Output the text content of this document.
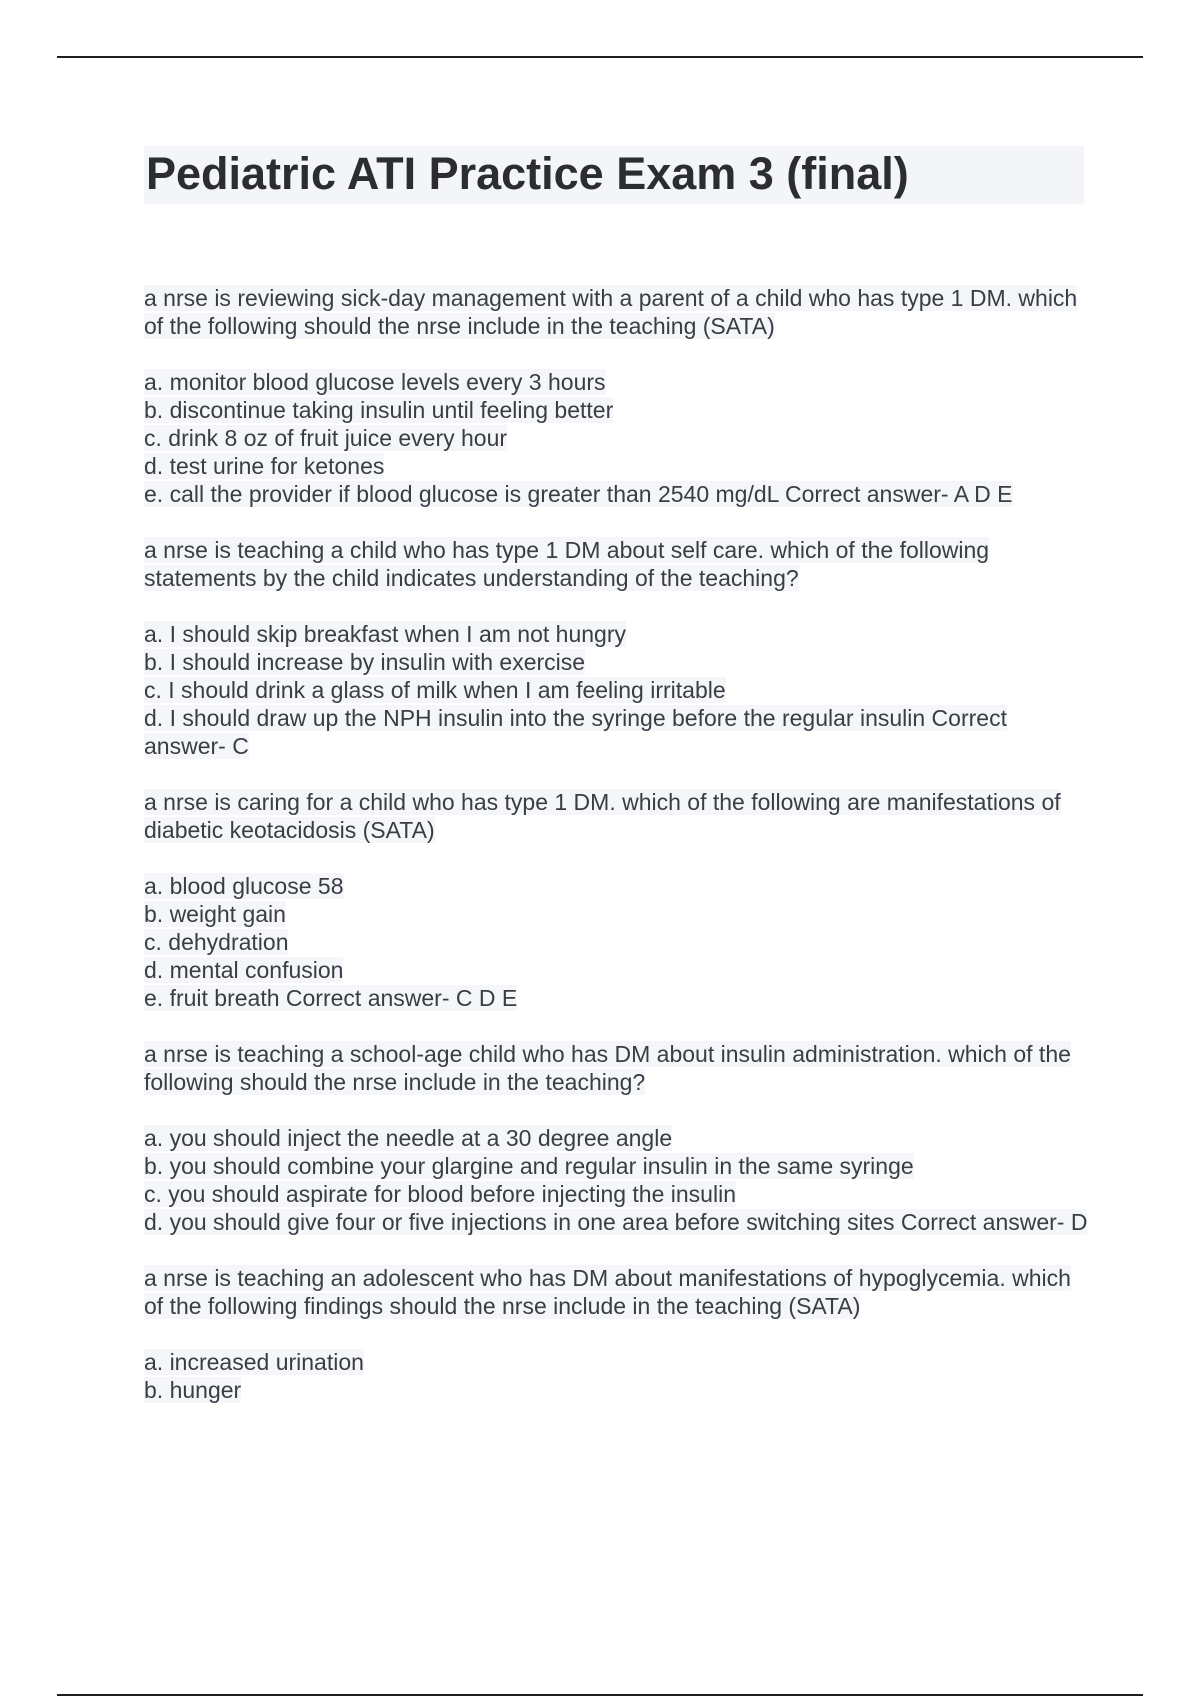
Pediatric ATI Practice Exam 3 (final)
a nrse is reviewing sick-day management with a parent of a child who has type 1 DM. which of the following should the nrse include in the teaching (SATA)
a. monitor blood glucose levels every 3 hours
b. discontinue taking insulin until feeling better
c. drink 8 oz of fruit juice every hour
d. test urine for ketones
e. call the provider if blood glucose is greater than 2540 mg/dL Correct answer- A D E
a nrse is teaching a child who has type 1 DM about self care. which of the following statements by the child indicates understanding of the teaching?
a. I should skip breakfast when I am not hungry
b. I should increase by insulin with exercise
c. I should drink a glass of milk when I am feeling irritable
d. I should draw up the NPH insulin into the syringe before the regular insulin Correct answer- C
a nrse is caring for a child who has type 1 DM. which of the following are manifestations of diabetic keotacidosis (SATA)
a. blood glucose 58
b. weight gain
c. dehydration
d. mental confusion
e. fruit breath Correct answer- C D E
a nrse is teaching a school-age child who has DM about insulin administration. which of the following should the nrse include in the teaching?
a. you should inject the needle at a 30 degree angle
b. you should combine your glargine and regular insulin in the same syringe
c. you should aspirate for blood before injecting the insulin
d. you should give four or five injections in one area before switching sites Correct answer- D
a nrse is teaching an adolescent who has DM about manifestations of hypoglycemia. which of the following findings should the nrse include in the teaching (SATA)
a. increased urination
b. hunger
